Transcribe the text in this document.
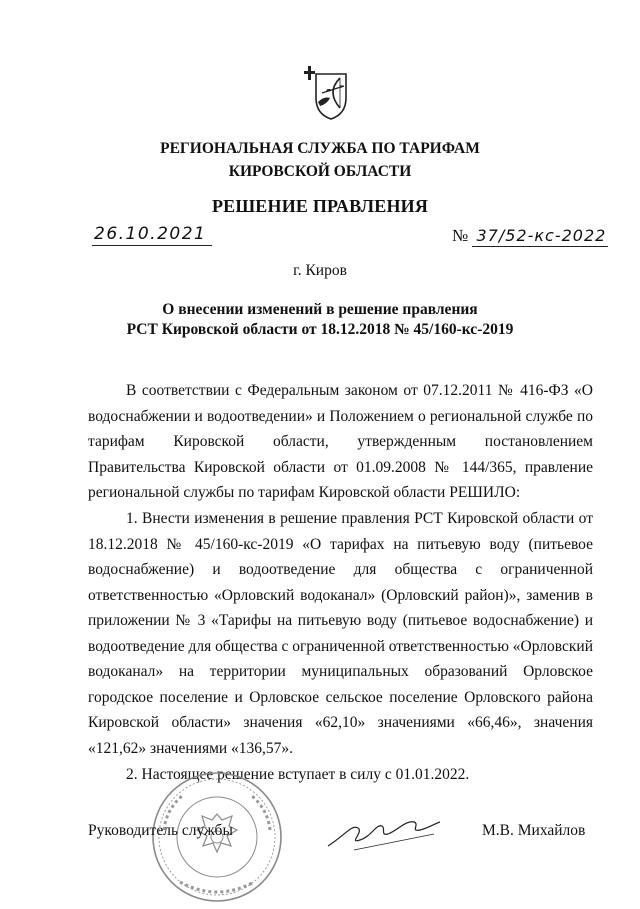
РЕГИОНАЛЬНАЯ СЛУЖБА ПО ТАРИФАМ
КИРОВСКОЙ ОБЛАСТИ
РЕШЕНИЕ ПРАВЛЕНИЯ
26.10.2021	№ 37/52-кс-2022
г. Киров
О внесении изменений в решение правления
РСТ Кировской области от 18.12.2018 № 45/160-кс-2019

В соответствии с Федеральным законом от 07.12.2011 № 416-ФЗ «О водоснабжении и водоотведении» и Положением о региональной службе по тарифам Кировской области, утвержденным постановлением Правительства Кировской области от 01.09.2008 № 144/365, правление региональной службы по тарифам Кировской области РЕШИЛО:

1. Внести изменения в решение правления РСТ Кировской области от 18.12.2018 № 45/160-кс-2019 «О тарифах на питьевую воду (питьевое водоснабжение) и водоотведение для общества с ограниченной ответственностью «Орловский водоканал» (Орловский район)», заменив в приложении № 3 «Тарифы на питьевую воду (питьевое водоснабжение) и водоотведение для общества с ограниченной ответственностью «Орловский водоканал» на территории муниципальных образований Орловское городское поселение и Орловское сельское поселение Орловского района Кировской области» значения «62,10» значениями «66,46», значения «121,62» значениями «136,57».

2. Настоящее решение вступает в силу с 01.01.2022.

Руководитель службы	М.В. Михайлов
